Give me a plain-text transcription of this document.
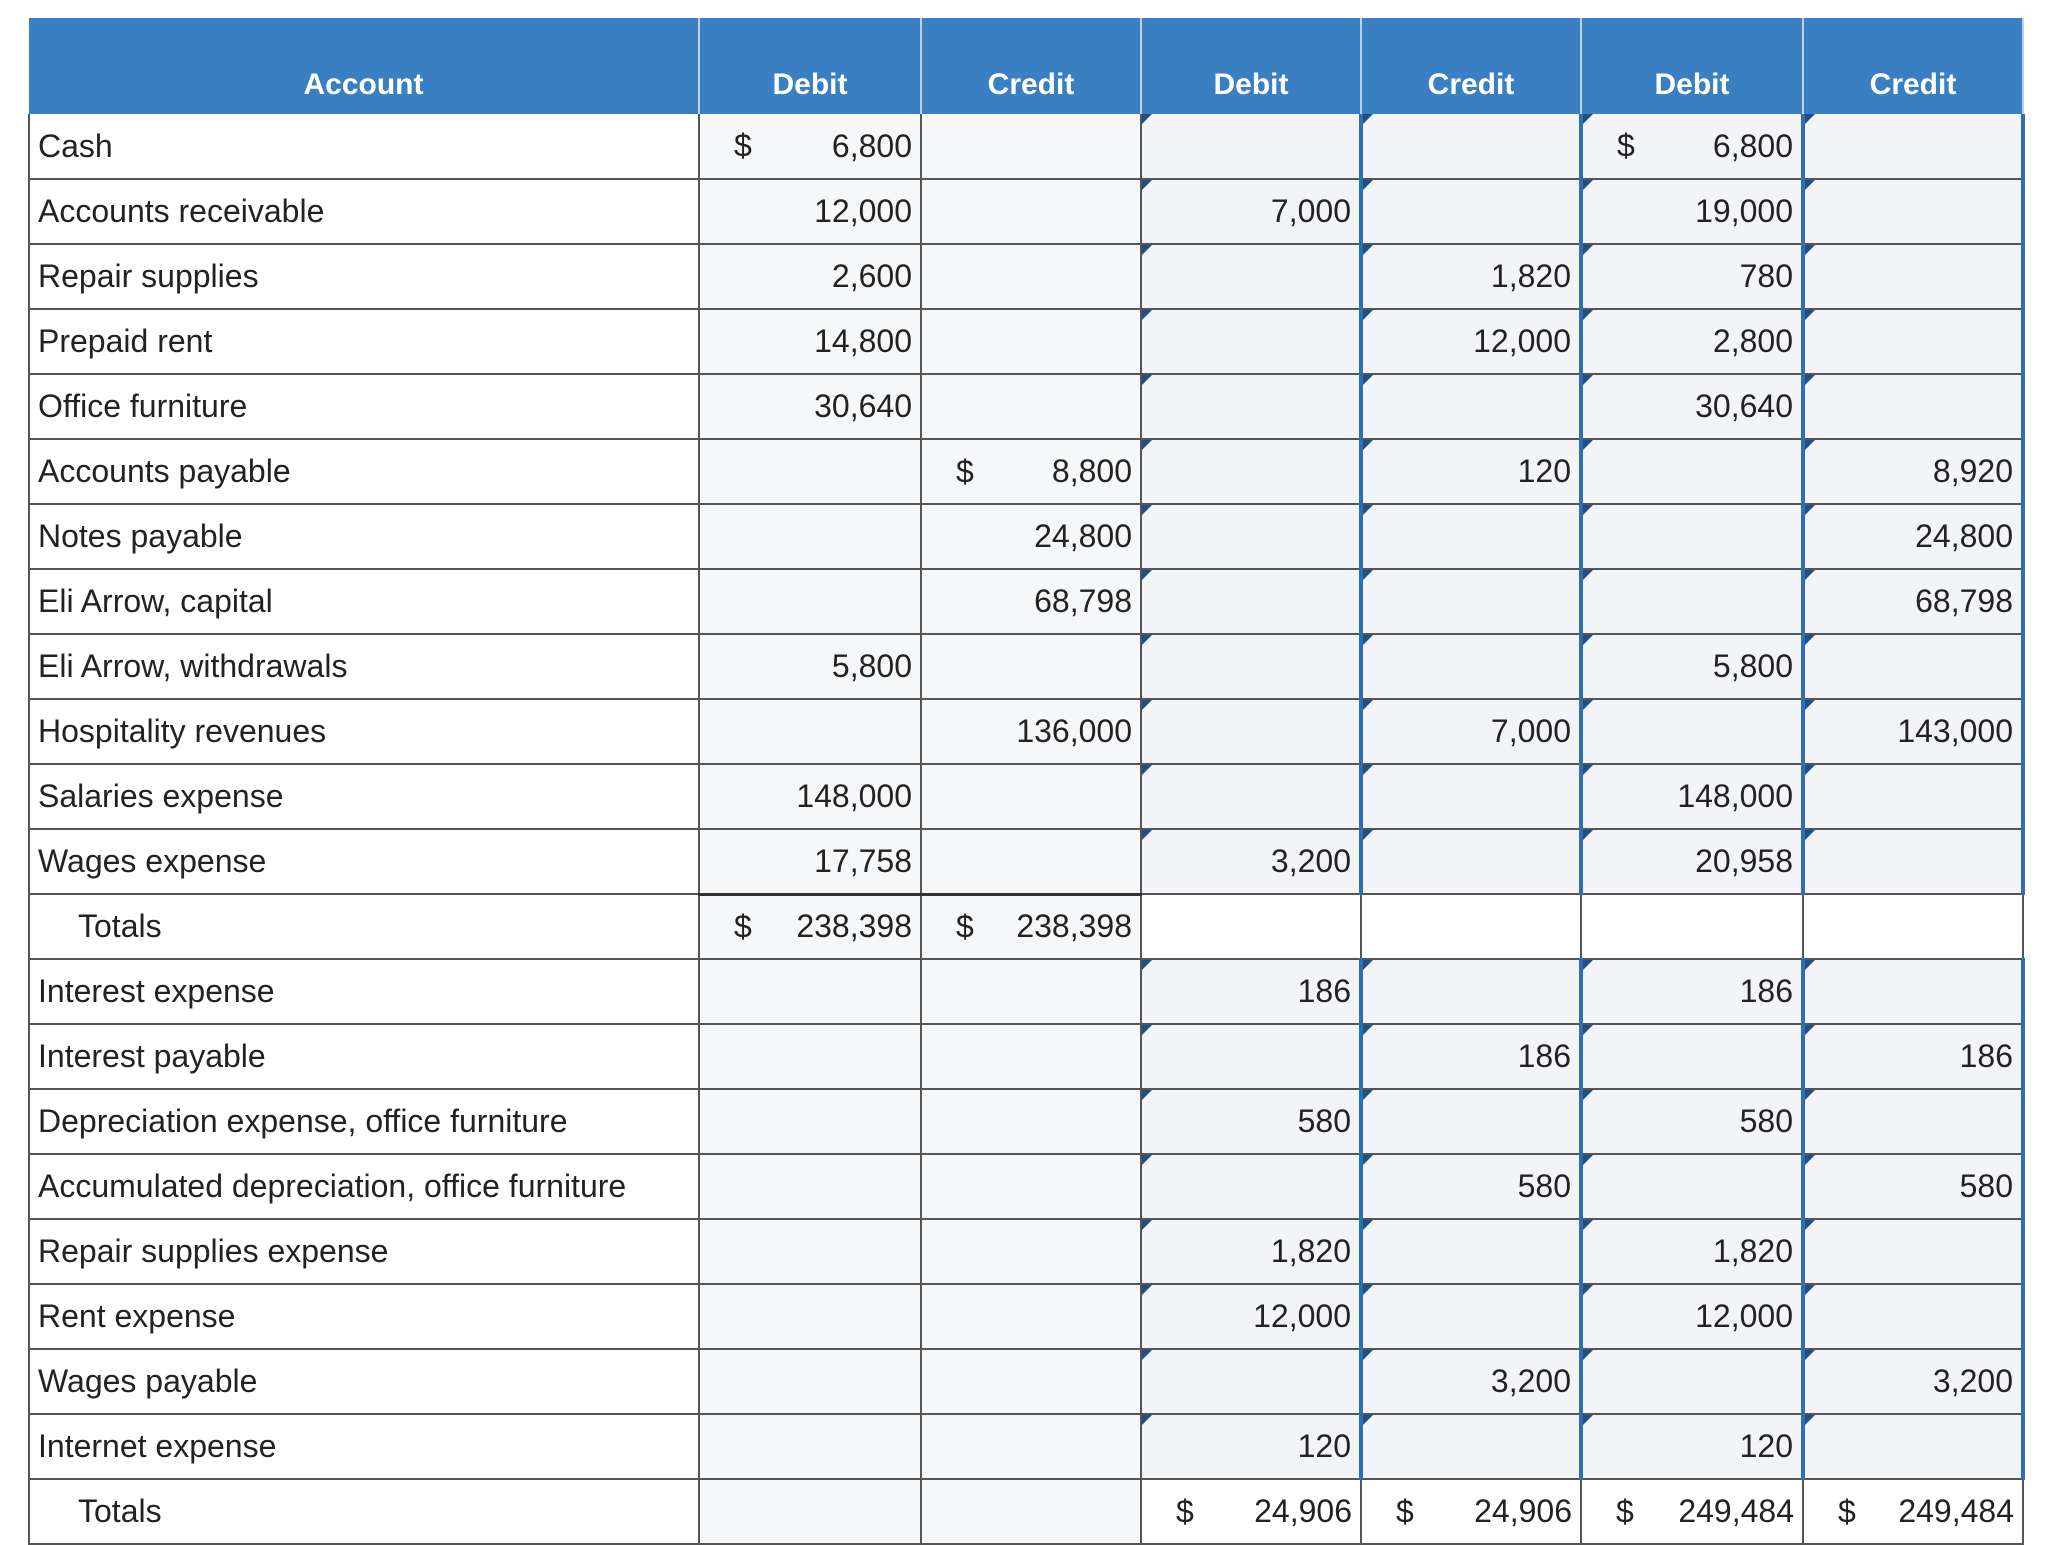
Account	Debit	Credit	Debit	Credit	Debit	Credit
Cash	$ 6,800				$ 6,800	
Accounts receivable	12,000		7,000		19,000	
Repair supplies	2,600			1,820	780	
Prepaid rent	14,800			12,000	2,800	
Office furniture	30,640				30,640	
Accounts payable		$ 8,800		120		8,920
Notes payable		24,800				24,800
Eli Arrow, capital		68,798				68,798
Eli Arrow, withdrawals	5,800				5,800	
Hospitality revenues		136,000		7,000		143,000
Salaries expense	148,000				148,000	
Wages expense	17,758		3,200		20,958	
Totals	$ 238,398	$ 238,398				
Interest expense			186		186	
Interest payable				186		186
Depreciation expense, office furniture			580		580	
Accumulated depreciation, office furniture				580		580
Repair supplies expense			1,820		1,820	
Rent expense			12,000		12,000	
Wages payable				3,200		3,200
Internet expense			120		120	
Totals			$ 24,906	$ 24,906	$ 249,484	$ 249,484
